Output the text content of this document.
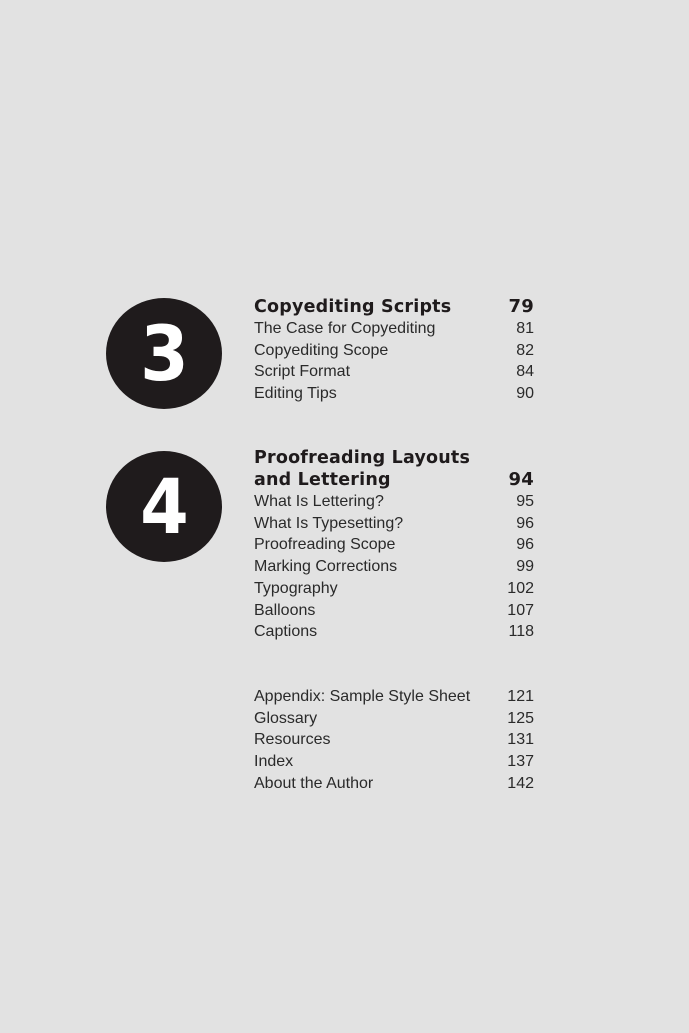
3
Copyediting Scripts	79
The Case for Copyediting	81
Copyediting Scope	82
Script Format	84
Editing Tips	90
4
Proofreading Layouts
and Lettering	94
What Is Lettering?	95
What Is Typesetting?	96
Proofreading Scope	96
Marking Corrections	99
Typography	102
Balloons	107
Captions	118
Appendix: Sample Style Sheet 121
Glossary	125
Resources	131
Index	137
About the Author	142
